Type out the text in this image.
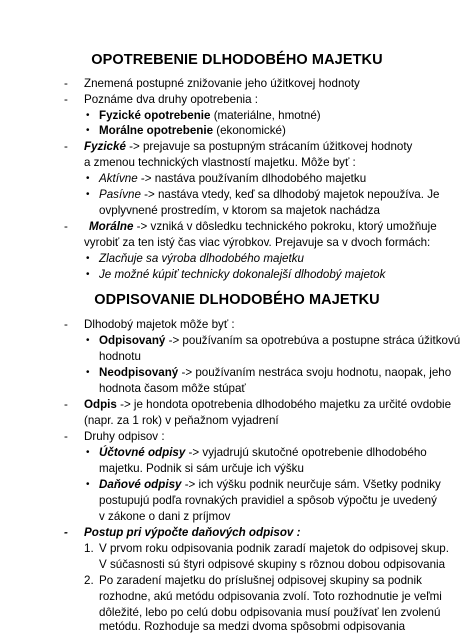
OPOTREBENIE DLHODOBÉHO MAJETKU
- Znemená postupné znižovanie jeho úžitkovej hodnoty
- Poznáme dva druhy opotrebenia :
• Fyzické opotrebenie (materiálne, hmotné)
• Morálne opotrebenie (ekonomické)
- Fyzické -> prejavuje sa postupným strácaním úžitkovej hodnoty
a zmenou technických vlastností majetku. Môže byť :
• Aktívne -> nastáva používaním dlhodobého majetku
• Pasívne -> nastáva vtedy, keď sa dlhodobý majetok nepoužíva. Je
ovplyvnené prostredím, v ktorom sa majetok nachádza
- Morálne -> vzniká v dôsledku technického pokroku, ktorý umožňuje
vyrobiť za ten istý čas viac výrobkov. Prejavuje sa v dvoch formách:
• Zlacňuje sa výroba dlhodobého majetku
• Je možné kúpiť technicky dokonalejší dlhodobý majetok
ODPISOVANIE DLHODOBÉHO MAJETKU
- Dlhodobý majetok môže byť :
• Odpisovaný -> používaním sa opotrebúva a postupne stráca úžitkovú
hodnotu
• Neodpisovaný -> používaním nestráca svoju hodnotu, naopak, jeho
hodnota časom môže stúpať
- Odpis -> je hondota opotrebenia dlhodobého majetku za určité ovdobie
(napr. za 1 rok) v peňažnom vyjadrení
- Druhy odpisov :
• Účtovné odpisy -> vyjadrujú skutočné opotrebenie dlhodobého
majetku. Podnik si sám určuje ich výšku
• Daňové odpisy -> ich výšku podnik neurčuje sám. Všetky podniky
postupujú podľa rovnakých pravidiel a spôsob výpočtu je uvedený
v zákone o dani z príjmov
- Postup pri výpočte daňových odpisov :
1. V prvom roku odpisovania podnik zaradí majetok do odpisovej skup.
V súčasnosti sú štyri odpisové skupiny s rôznou dobou odpisovania
2. Po zaradení majetku do príslušnej odpisovej skupiny sa podnik
rozhodne, akú metódu odpisovania zvolí. Toto rozhodnutie je veľmi
dôležité, lebo po celú dobu odpisovania musí používať len zvolenú
metódu. Rozhoduje sa medzi dvoma spôsobmi odpisovania
